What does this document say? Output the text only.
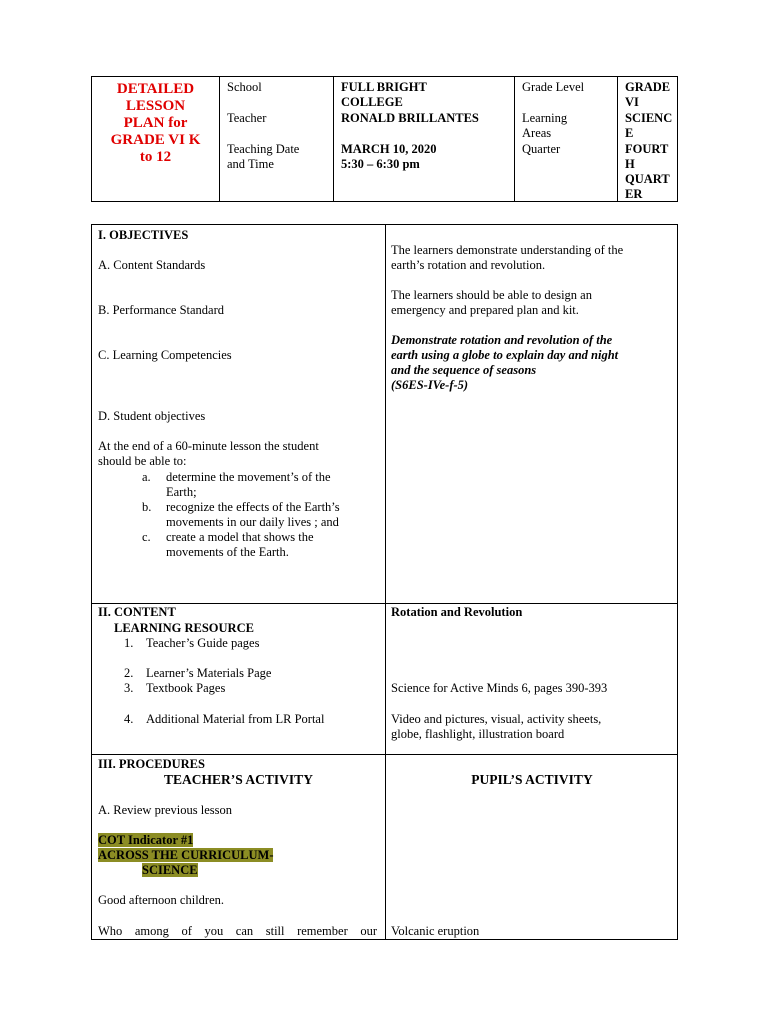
DETAILED
LESSON
PLAN for
GRADE VI K
to 12
School
Teacher
Teaching Date
and Time
FULL BRIGHT
COLLEGE
RONALD BRILLANTES
MARCH 10, 2020
5:30 – 6:30 pm
Grade Level
Learning
Areas
Quarter
GRADE
VI
SCIENC
E
FOURT
H
QUART
ER
I. OBJECTIVES
A. Content Standards
B. Performance Standard
C. Learning Competencies
D. Student objectives
At the end of a 60-minute lesson the student
should be able to:
a. determine the movement’s of the
Earth;
b. recognize the effects of the Earth’s
movements in our daily lives ; and
c. create a model that shows the
movements of the Earth.
The learners demonstrate understanding of the
earth’s rotation and revolution.
The learners should be able to design an
emergency and prepared plan and kit.
Demonstrate rotation and revolution of the
earth using a globe to explain day and night
and the sequence of seasons
(S6ES-IVe-f-5)
II. CONTENT	Rotation and Revolution
LEARNING RESOURCE
1. Teacher’s Guide pages
2. Learner’s Materials Page
3. Textbook Pages
4. Additional Material from LR Portal
Science for Active Minds 6, pages 390-393
Video and pictures, visual, activity sheets,
globe, flashlight, illustration board
III. PROCEDURES
TEACHER’S ACTIVITY	PUPIL’S ACTIVITY
A. Review previous lesson
COT Indicator #1
ACROSS THE CURRICULUM-
SCIENCE
Good afternoon children.
Who among of you can still remember our Volcanic eruption
